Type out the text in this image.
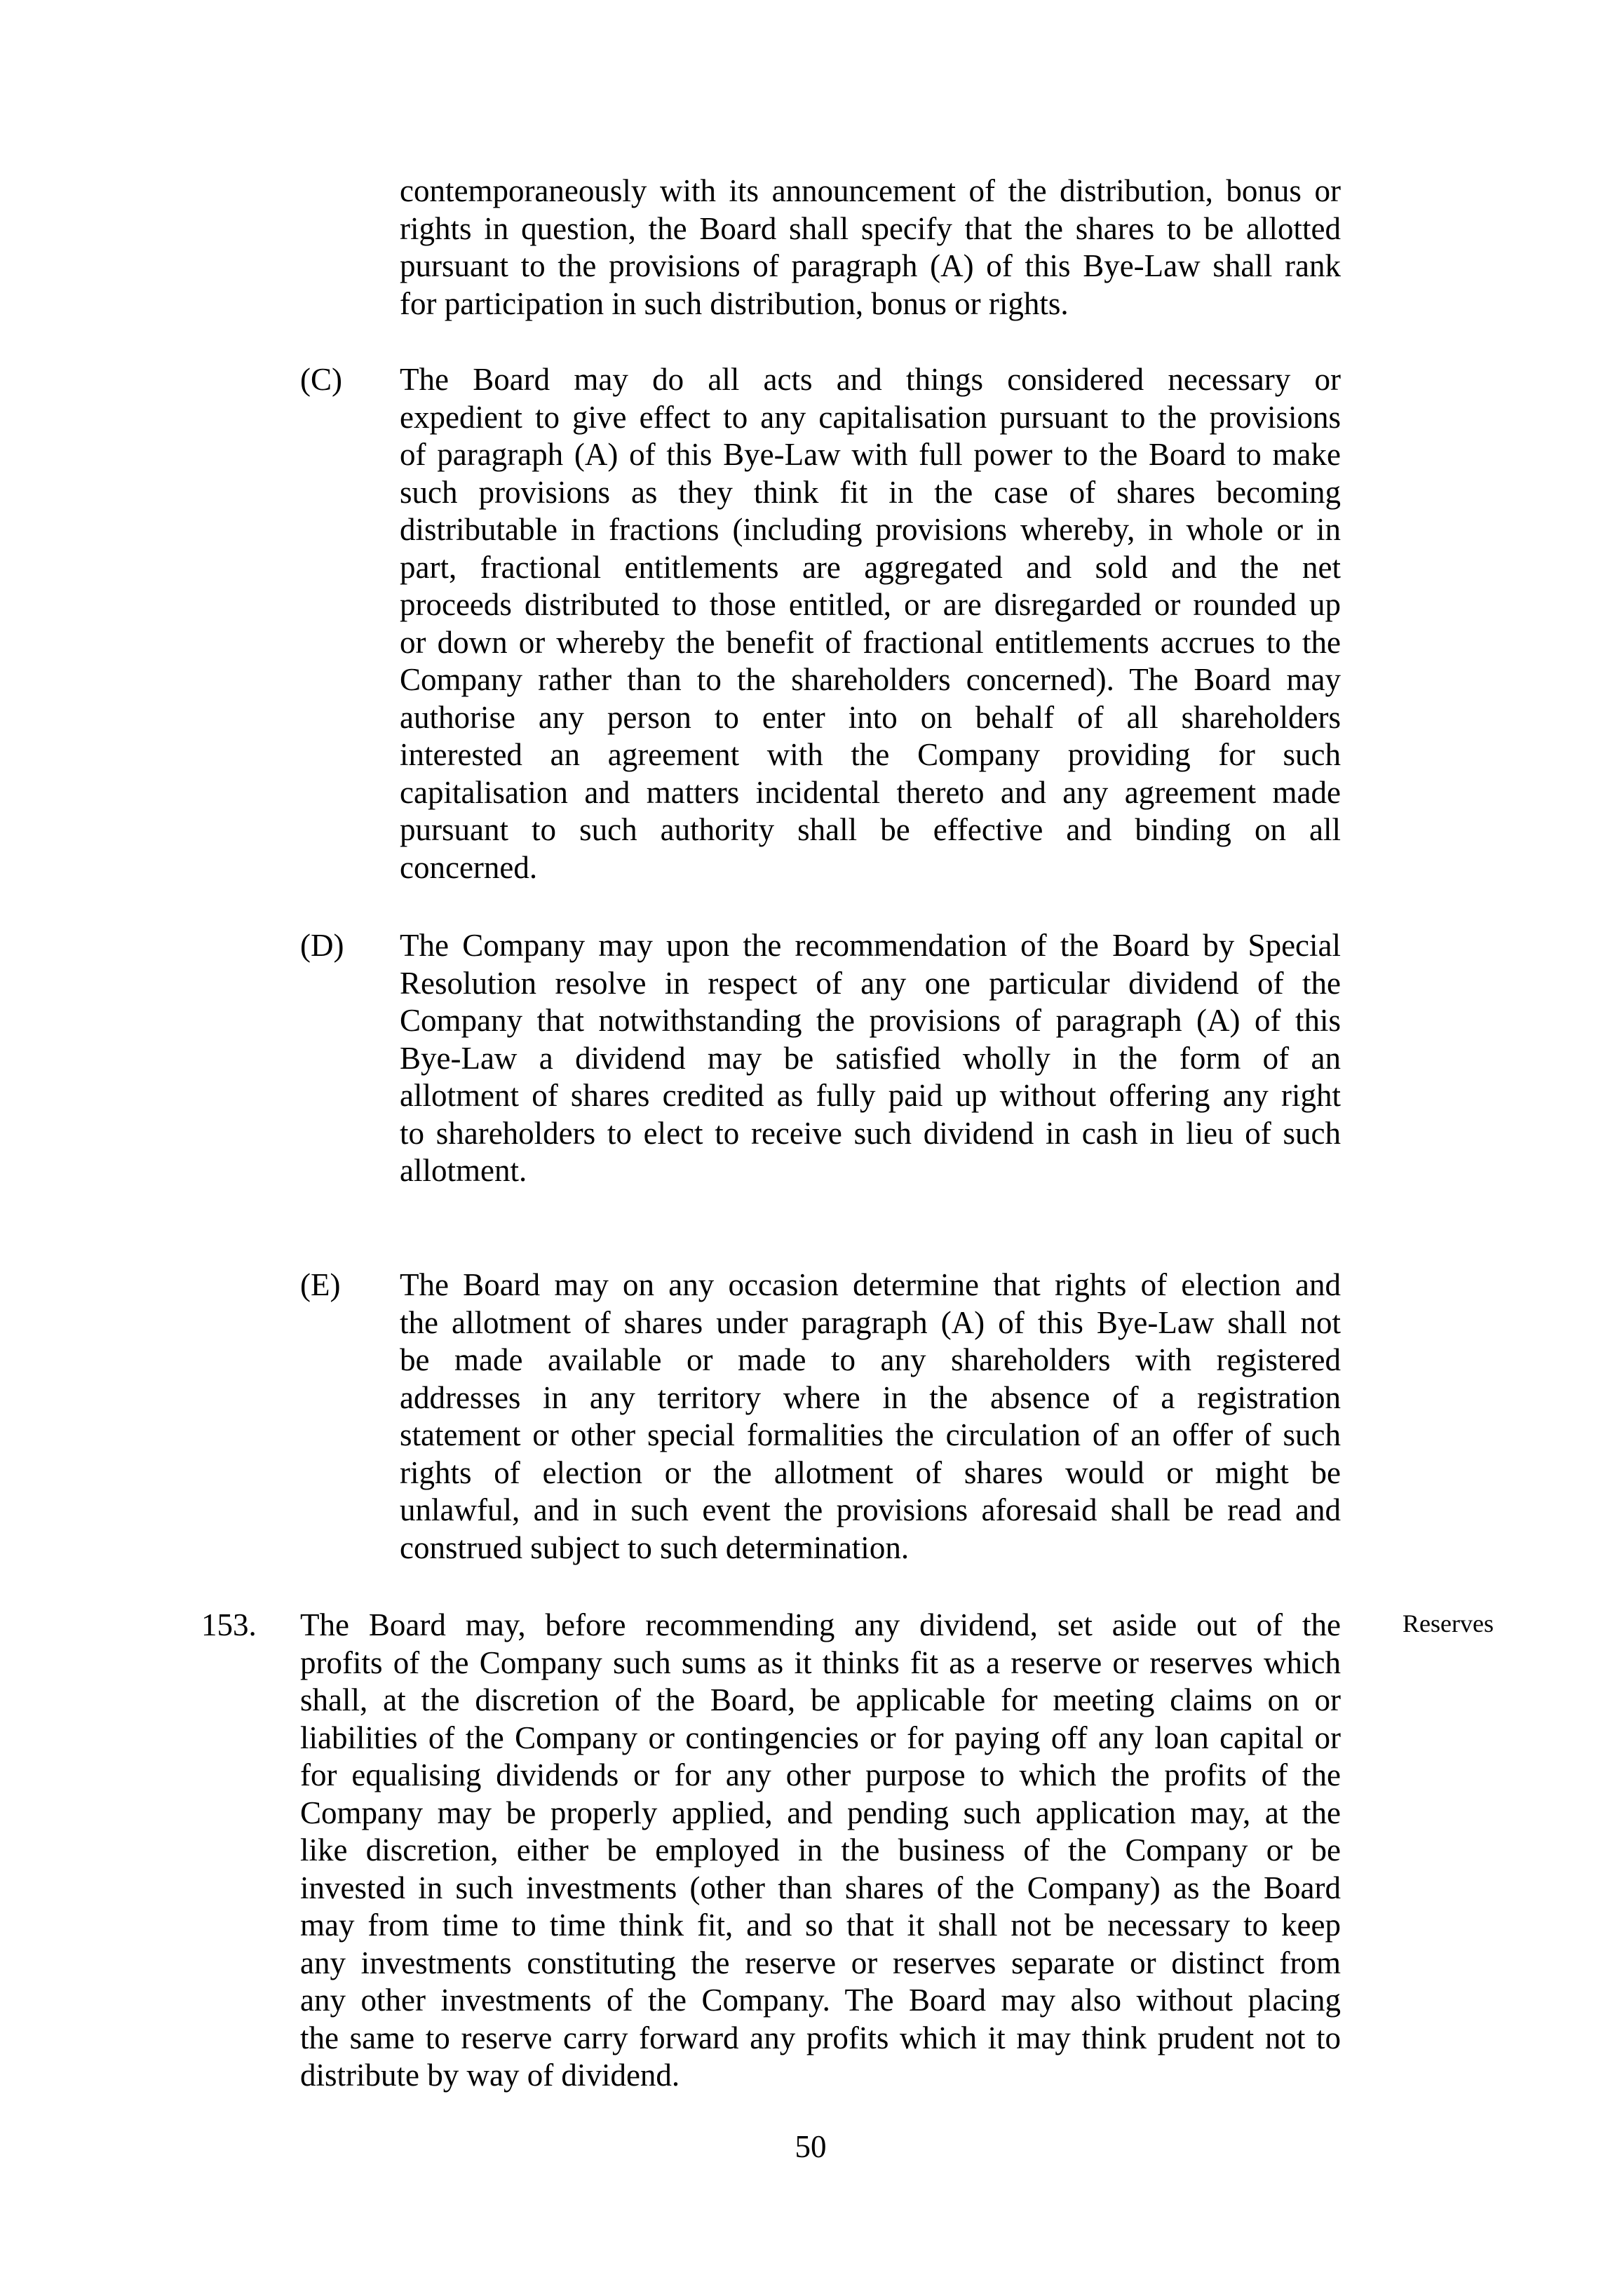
contemporaneously with its announcement of the distribution, bonus or
rights in question, the Board shall specify that the shares to be allotted
pursuant to the provisions of paragraph (A) of this Bye-Law shall rank
for participation in such distribution, bonus or rights.
(C) The Board may do all acts and things considered necessary or
expedient to give effect to any capitalisation pursuant to the provisions
of paragraph (A) of this Bye-Law with full power to the Board to make
such provisions as they think fit in the case of shares becoming
distributable in fractions (including provisions whereby, in whole or in
part, fractional entitlements are aggregated and sold and the net
proceeds distributed to those entitled, or are disregarded or rounded up
or down or whereby the benefit of fractional entitlements accrues to the
Company rather than to the shareholders concerned). The Board may
authorise any person to enter into on behalf of all shareholders
interested an agreement with the Company providing for such
capitalisation and matters incidental thereto and any agreement made
pursuant to such authority shall be effective and binding on all
concerned.
(D) The Company may upon the recommendation of the Board by Special
Resolution resolve in respect of any one particular dividend of the
Company that notwithstanding the provisions of paragraph (A) of this
Bye-Law a dividend may be satisfied wholly in the form of an
allotment of shares credited as fully paid up without offering any right
to shareholders to elect to receive such dividend in cash in lieu of such
allotment.
(E) The Board may on any occasion determine that rights of election and
the allotment of shares under paragraph (A) of this Bye-Law shall not
be made available or made to any shareholders with registered
addresses in any territory where in the absence of a registration
statement or other special formalities the circulation of an offer of such
rights of election or the allotment of shares would or might be
unlawful, and in such event the provisions aforesaid shall be read and
construed subject to such determination.
153.	Reserves
The Board may, before recommending any dividend, set aside out of the
profits of the Company such sums as it thinks fit as a reserve or reserves which
shall, at the discretion of the Board, be applicable for meeting claims on or
liabilities of the Company or contingencies or for paying off any loan capital or
for equalising dividends or for any other purpose to which the profits of the
Company may be properly applied, and pending such application may, at the
like discretion, either be employed in the business of the Company or be
invested in such investments (other than shares of the Company) as the Board
may from time to time think fit, and so that it shall not be necessary to keep
any investments constituting the reserve or reserves separate or distinct from
any other investments of the Company. The Board may also without placing
the same to reserve carry forward any profits which it may think prudent not to
distribute by way of dividend.
50
